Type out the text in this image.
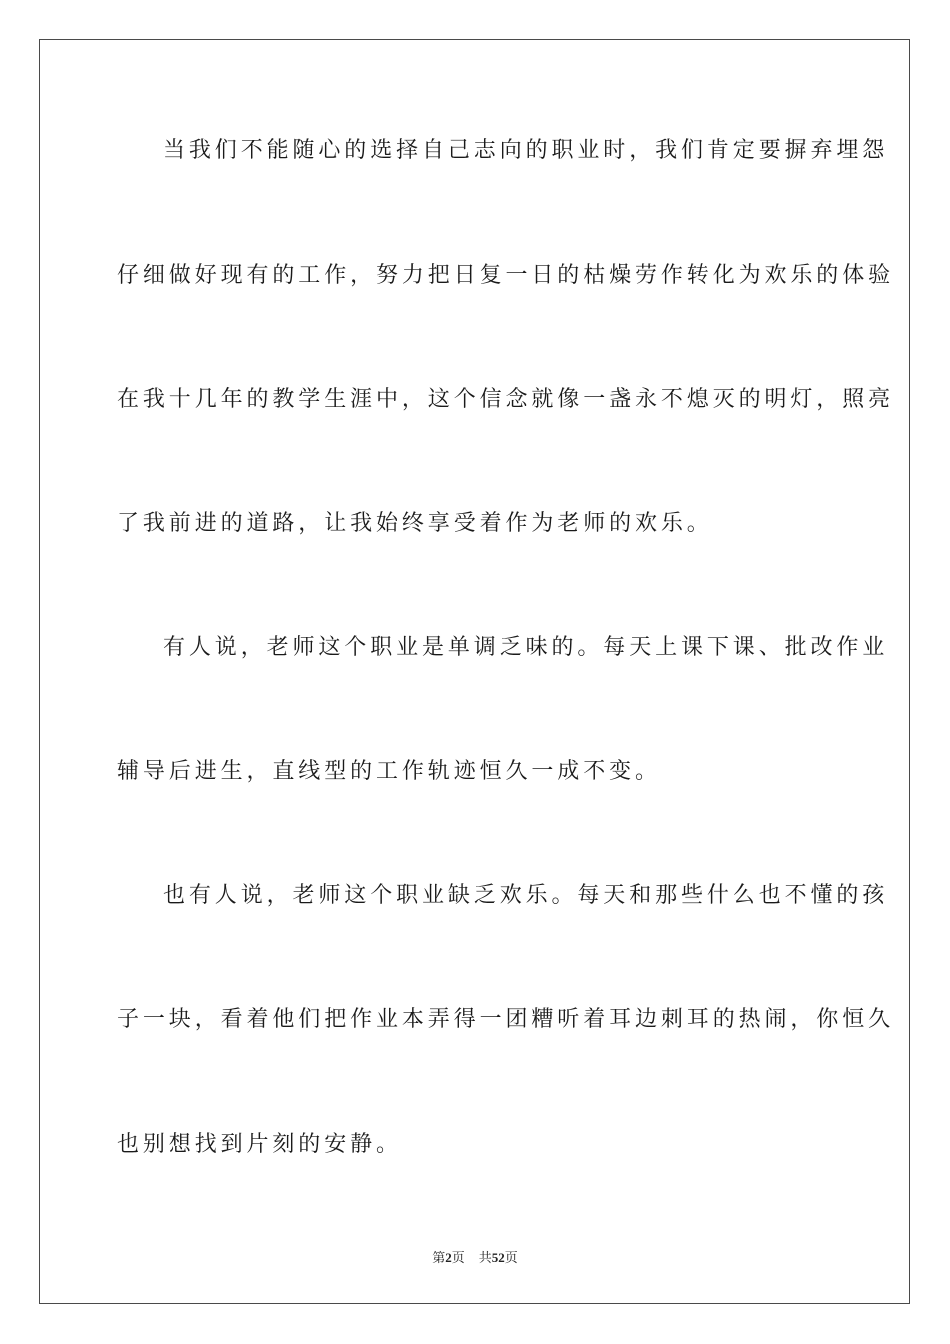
当我们不能随心的选择自己志向的职业时，我们肯定要摒弃埋怨
仔细做好现有的工作，努力把日复一日的枯燥劳作转化为欢乐的体验
在我十几年的教学生涯中，这个信念就像一盏永不熄灭的明灯，照亮
了我前进的道路，让我始终享受着作为老师的欢乐。
有人说，老师这个职业是单调乏味的。每天上课下课、批改作业
辅导后进生，直线型的工作轨迹恒久一成不变。
也有人说，老师这个职业缺乏欢乐。每天和那些什么也不懂的孩
子一块，看着他们把作业本弄得一团糟听着耳边刺耳的热闹，你恒久
也别想找到片刻的安静。
第2页 共52页
